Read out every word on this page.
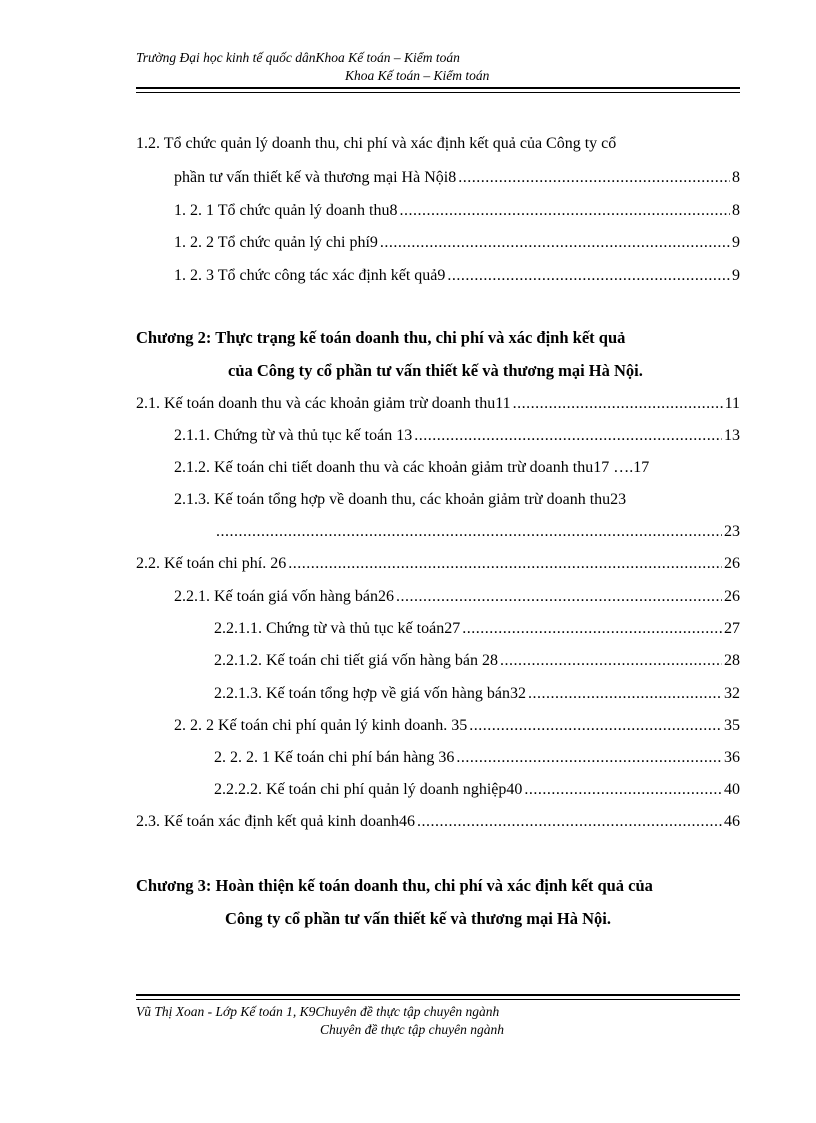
Trường Đại học kinh tế quốc dânKhoa Kế toán – Kiểm toán
Khoa Kế toán – Kiểm toán
1.2. Tổ chức quản lý doanh thu, chi phí và xác định kết quả của Công ty cổ
phần tư vấn thiết kế và thương mại Hà Nội8 .....	8
1. 2. 1 Tổ chức quản lý doanh thu8 .....	8
1. 2. 2 Tổ chức quản lý chi phí9 .....	9
1. 2. 3 Tổ chức công tác xác định kết quả9 .....	9
Chương 2: Thực trạng kế toán doanh thu, chi phí và xác định kết quả
của Công ty cổ phần tư vấn thiết kế và thương mại Hà Nội.
2.1. Kế toán doanh thu và các khoản giảm trừ doanh thu11 .....	11
2.1.1. Chứng từ và thủ tục kế toán 13 .....	13
2.1.2. Kế toán chi tiết doanh thu và các khoản giảm trừ doanh thu17 …. 17
2.1.3. Kế toán tổng hợp về doanh thu, các khoản giảm trừ doanh thu23
.....
23
2.2. Kế toán chi phí. 26 .....	26
2.2.1. Kế toán giá vốn hàng bán26 .....	26
2.2.1.1. Chứng từ và thủ tục kế toán27 .....	27
2.2.1.2. Kế toán chi tiết giá vốn hàng bán 28 .....	28
2.2.1.3. Kế toán tổng hợp về giá vốn hàng bán32 .....	32
2. 2. 2 Kế toán chi phí quản lý kinh doanh. 35 .....	35
2. 2. 2. 1 Kế toán chi phí bán hàng 36 .....	36
2.2.2.2. Kế toán chi phí quản lý doanh nghiệp40 .....	40
2.3. Kế toán xác định kết quả kinh doanh46 .....	46
Chương 3: Hoàn thiện kế toán doanh thu, chi phí và xác định kết quả của
Công ty cổ phần tư vấn thiết kế và thương mại Hà Nội.
Vũ Thị Xoan - Lớp Kế toán 1, K9Chuyên đề thực tập chuyên ngành
Chuyên đề thực tập chuyên ngành
